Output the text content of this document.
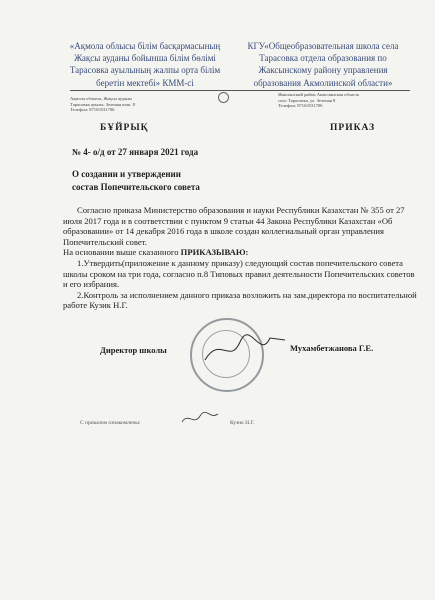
«Ақмола облысы білім басқармасының Жақсы ауданы бойынша білім бөлімі Тарасовка ауылының жалпы орта білім беретін мектебі» КММ-сі
КГУ«Общеобразовательная школа села Тарасовка отдела образования по Жаксынскому району управления образования Акмолинской области»
Ақмола облысы, Жақсы ауданы
Тарасовка ауылы, Зеленая көш. 8
Телефон: 87163531706
Жаксынский район Акмолинская область
село Тарасовка, ул. Зеленая 8
Телефон: 87163531706
БҰЙРЫҚ	ПРИКАЗ
№ 4- о/д от 27 января 2021 года
О создании и утверждении
состав Попечительского совета

Согласно приказа Министерство образования и науки Республики Казахстан № 355 от 27 июля 2017 года и в соответствии с пунктом 9 статьи 44 Закона Республики Казахстан «Об образовании» от 14 декабря 2016 года в школе создан коллегиальный орган управления Попечительский совет.

На основании выше сказанного ПРИКАЗЫВАЮ:

1.Утвердить(приложение к данному приказу) следующий состав попечительского совета школы сроком на три года, согласно п.8 Типовых правил деятельности Попечительских советов и его избрания.

2.Контроль за исполнением данного приказа возложить на зам.директора по воспитательной работе Кузик Н.Г.

Директор школы	Мухамбетжанова Г.Е.
С приказом ознакомлены:	Кузик Н.Г.
